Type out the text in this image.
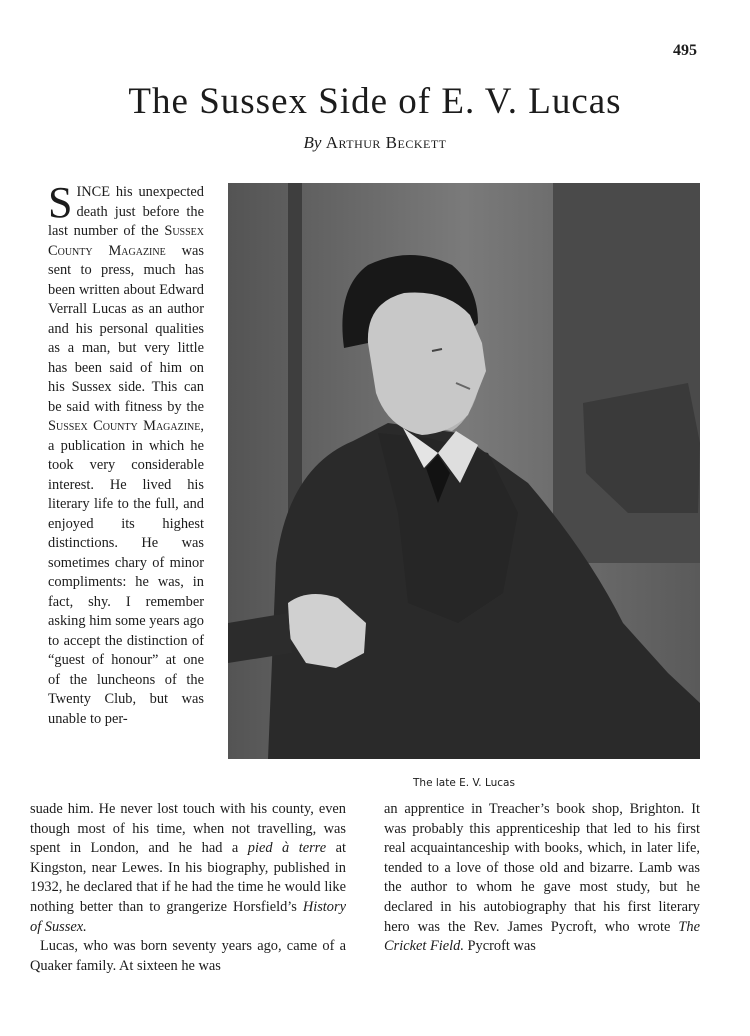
495
The Sussex Side of E. V. Lucas
By Arthur Beckett
The late E. V. Lucas

SINCE his unexpected death just before the last number of the Sussex County Magazine was sent to press, much has been written about Edward Verrall Lucas as an author and his personal qualities as a man, but very little has been said of him on his Sussex side. This can be said with fitness by the Sussex County Magazine, a publication in which he took very considerable interest. He lived his literary life to the full, and enjoyed its highest distinctions. He was sometimes chary of minor compliments: he was, in fact, shy. I remember asking him some years ago to accept the distinction of “guest of honour” at one of the luncheons of the Twenty Club, but was unable to per-

suade him. He never lost touch with his county, even though most of his time, when not travelling, was spent in London, and he had a pied à terre at Kingston, near Lewes. In his biography, published in 1932, he declared that if he had the time he would like nothing better than to grangerize Horsfield’s History of Sussex.
Lucas, who was born seventy years ago, came of a Quaker family. At sixteen he was

an apprentice in Treacher’s book shop, Brighton. It was probably this apprenticeship that led to his first real acquaintanceship with books, which, in later life, tended to a love of those old and bizarre. Lamb was the author to whom he gave most study, but he declared in his autobiography that his first literary hero was the Rev. James Pycroft, who wrote The Cricket Field. Pycroft was
